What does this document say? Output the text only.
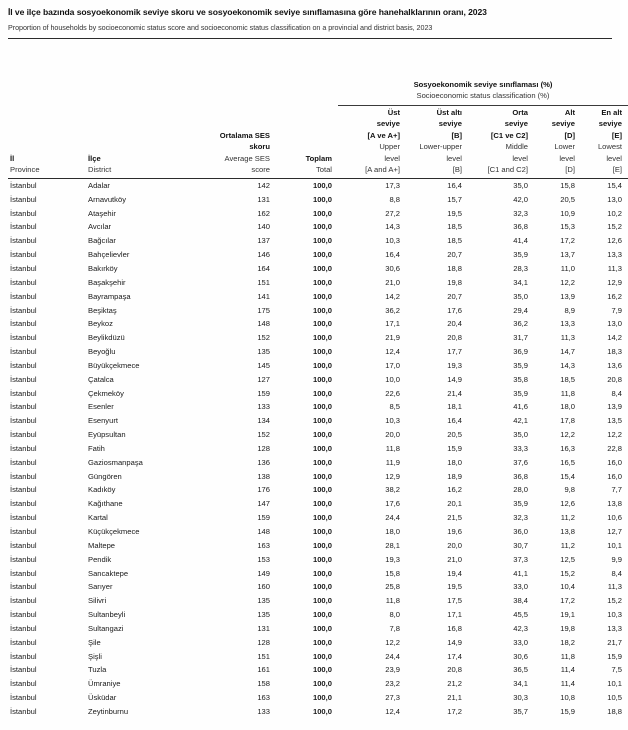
İl ve ilçe bazında sosyoekonomik seviye skoru ve sosyoekonomik seviye sınıflamasına göre hanehalklarının oranı, 2023
Proportion of households by socioeconomic status score and socioeconomic status classification on a provincial and district basis, 2023

				Sosyoekonomik seviye sınıflaması (%)				
				Socioeconomic status classification (%)				

İl
Province

İlçe
District

Ortalama SES
skoru
Average SES
score

Toplam
Total

Üst
seviye
[A ve A+]
Upper
level
[A and A+]

Üst altı
seviye
[B]
Lower-upper
level
[B]

Orta
seviye
[C1 ve C2]
Middle
level
[C1 and C2]

Alt
seviye
[D]
Lower
level
[D]

En alt
seviye
[E]
Lowest
level
[E]

İstanbul	Adalar	142	100,0	17,3	16,4	35,0	15,8	15,4
İstanbul	Arnavutköy	131	100,0	8,8	15,7	42,0	20,5	13,0
İstanbul	Ataşehir	162	100,0	27,2	19,5	32,3	10,9	10,2
İstanbul	Avcılar	140	100,0	14,3	18,5	36,8	15,3	15,2
İstanbul	Bağcılar	137	100,0	10,3	18,5	41,4	17,2	12,6
İstanbul	Bahçelievler	146	100,0	16,4	20,7	35,9	13,7	13,3
İstanbul	Bakırköy	164	100,0	30,6	18,8	28,3	11,0	11,3
İstanbul	Başakşehir	151	100,0	21,0	19,8	34,1	12,2	12,9
İstanbul	Bayrampaşa	141	100,0	14,2	20,7	35,0	13,9	16,2
İstanbul	Beşiktaş	175	100,0	36,2	17,6	29,4	8,9	7,9
İstanbul	Beykoz	148	100,0	17,1	20,4	36,2	13,3	13,0
İstanbul	Beylikdüzü	152	100,0	21,9	20,8	31,7	11,3	14,2
İstanbul	Beyoğlu	135	100,0	12,4	17,7	36,9	14,7	18,3
İstanbul	Büyükçekmece	145	100,0	17,0	19,3	35,9	14,3	13,6
İstanbul	Çatalca	127	100,0	10,0	14,9	35,8	18,5	20,8
İstanbul	Çekmeköy	159	100,0	22,6	21,4	35,9	11,8	8,4
İstanbul	Esenler	133	100,0	8,5	18,1	41,6	18,0	13,9
İstanbul	Esenyurt	134	100,0	10,3	16,4	42,1	17,8	13,5
İstanbul	Eyüpsultan	152	100,0	20,0	20,5	35,0	12,2	12,2
İstanbul	Fatih	128	100,0	11,8	15,9	33,3	16,3	22,8
İstanbul	Gaziosmanpaşa	136	100,0	11,9	18,0	37,6	16,5	16,0
İstanbul	Güngören	138	100,0	12,9	18,9	36,8	15,4	16,0
İstanbul	Kadıköy	176	100,0	38,2	16,2	28,0	9,8	7,7
İstanbul	Kağıthane	147	100,0	17,6	20,1	35,9	12,6	13,8
İstanbul	Kartal	159	100,0	24,4	21,5	32,3	11,2	10,6
İstanbul	Küçükçekmece	148	100,0	18,0	19,6	36,0	13,8	12,7
İstanbul	Maltepe	163	100,0	28,1	20,0	30,7	11,2	10,1
İstanbul	Pendik	153	100,0	19,3	21,0	37,3	12,5	9,9
İstanbul	Sancaktepe	149	100,0	15,8	19,4	41,1	15,2	8,4
İstanbul	Sarıyer	160	100,0	25,8	19,5	33,0	10,4	11,3
İstanbul	Silivri	135	100,0	11,8	17,5	38,4	17,2	15,2
İstanbul	Sultanbeyli	135	100,0	8,0	17,1	45,5	19,1	10,3
İstanbul	Sultangazi	131	100,0	7,8	16,8	42,3	19,8	13,3
İstanbul	Şile	128	100,0	12,2	14,9	33,0	18,2	21,7
İstanbul	Şişli	151	100,0	24,4	17,4	30,6	11,8	15,9
İstanbul	Tuzla	161	100,0	23,9	20,8	36,5	11,4	7,5
İstanbul	Ümraniye	158	100,0	23,2	21,2	34,1	11,4	10,1
İstanbul	Üsküdar	163	100,0	27,3	21,1	30,3	10,8	10,5
İstanbul	Zeytinburnu	133	100,0	12,4	17,2	35,7	15,9	18,8
